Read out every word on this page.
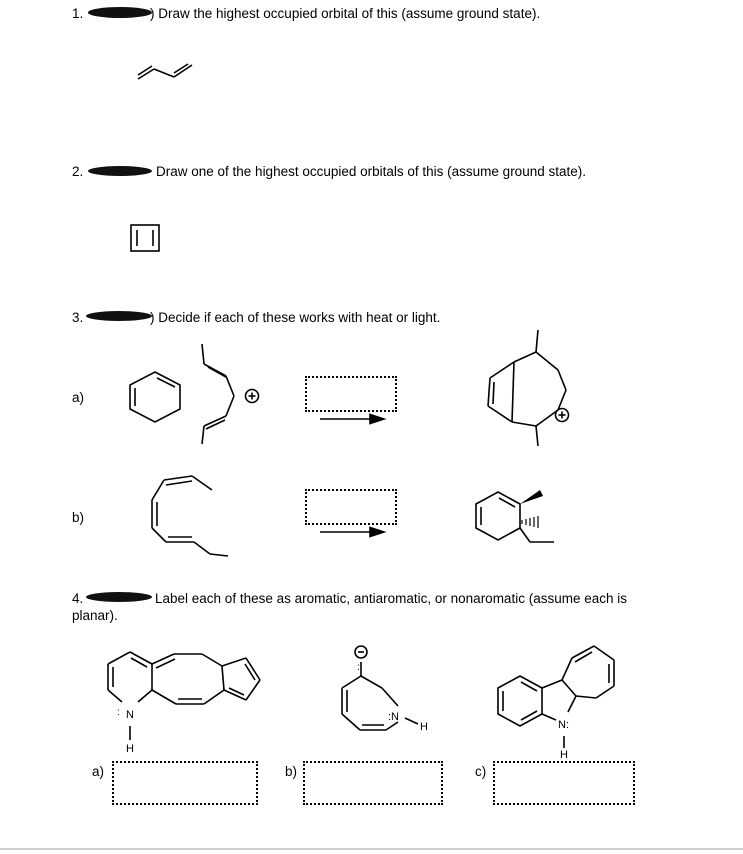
1.	) Draw the highest occupied orbital of this (assume ground state).
2.	Draw one of the highest occupied orbitals of this (assume ground state).
3.	) Decide if each of these works with heat or light.
a)
b)
4.	Label each of these as aromatic, antiaromatic, or nonaromatic (assume each is
planar).
N
H
:
:
:N
H	N:
H
a)	b)	c)
